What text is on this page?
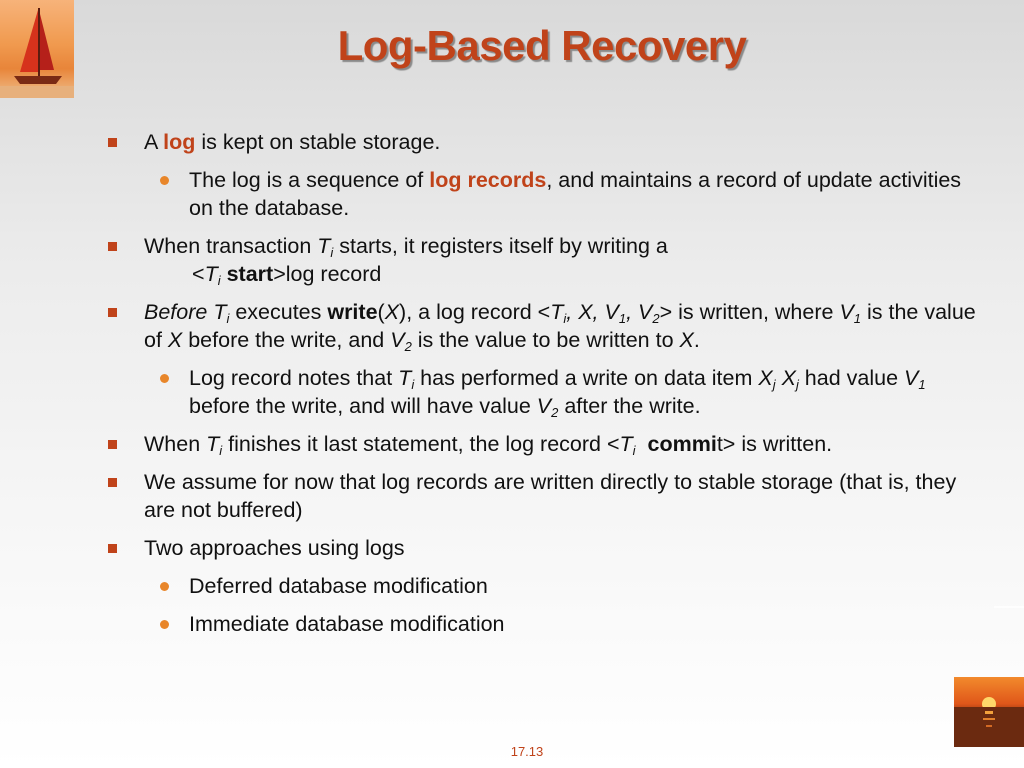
Log-Based Recovery
A log is kept on stable storage.
The log is a sequence of log records, and maintains a record of update activities on the database.
When transaction $T_i$ starts, it registers itself by writing a
$<T_i$ start>log record
Before $T_i$ executes write(X), a log record $<T_i$, X, $V_1$, $V_2>$ is written, where $V_1$ is the value of X before the write, and $V_2$ is the value to be written to X.
Log record notes that $T_i$ has performed a write on data item $X_j$ $X_j$ had value $V_1$ before the write, and will have value $V_2$ after the write.
When $T_i$ finishes it last statement, the log record $<T_i$ commit> is written.
We assume for now that log records are written directly to stable storage (that is, they are not buffered)
Two approaches using logs
Deferred database modification
Immediate database modification
17.13
